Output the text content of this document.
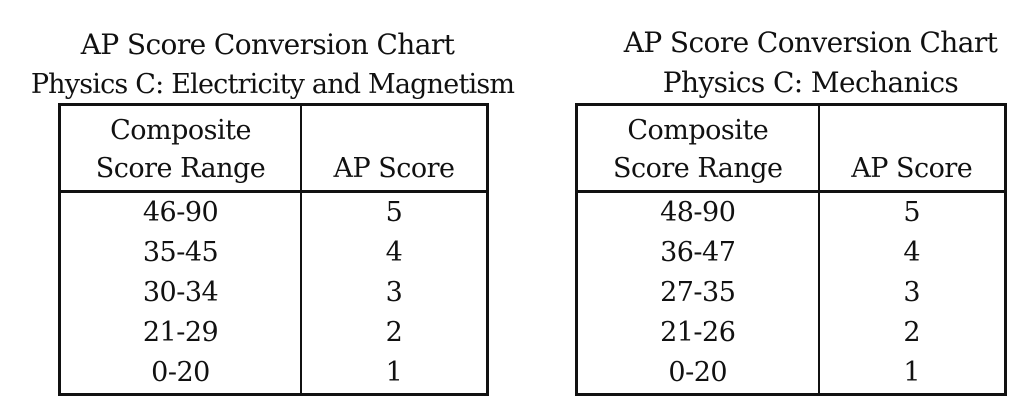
AP Score Conversion Chart
Physics C: Electricity and Magnetism
Composite
Score Range	AP Score
46-90	5
35-45	4
30-34	3
21-29	2
0-20	1
AP Score Conversion Chart
Physics C: Mechanics
Composite
Score Range	AP Score
48-90	5
36-47	4
27-35	3
21-26	2
0-20	1
